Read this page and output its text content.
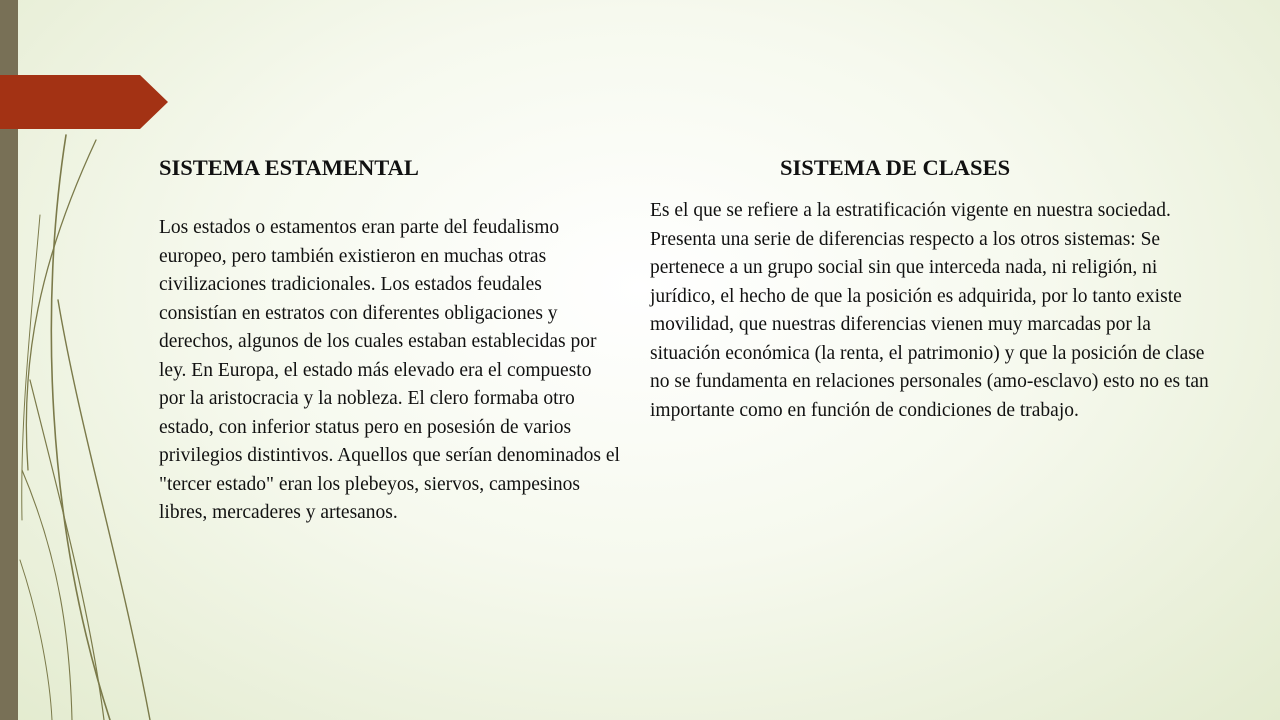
SISTEMA ESTAMENTAL

Los estados o estamentos eran parte del feudalismo europeo, pero también existieron en muchas otras civilizaciones tradicionales. Los estados feudales consistían en estratos con diferentes obligaciones y derechos, algunos de los cuales estaban establecidas por ley. En Europa, el estado más elevado era el compuesto por la aristocracia y la nobleza. El clero formaba otro estado, con inferior status pero en posesión de varios privilegios distintivos. Aquellos que serían denominados el "tercer estado" eran los plebeyos, siervos, campesinos libres, mercaderes y artesanos.

SISTEMA DE CLASES

Es el que se refiere a la estratificación vigente en nuestra sociedad. Presenta una serie de diferencias respecto a los otros sistemas: Se pertenece a un grupo social sin que interceda nada, ni religión, ni jurídico, el hecho de que la posición es adquirida, por lo tanto existe movilidad, que nuestras diferencias vienen muy marcadas por la situación económica (la renta, el patrimonio) y que la posición de clase no se fundamenta en relaciones personales (amo-esclavo) esto no es tan importante como en función de condiciones de trabajo.
